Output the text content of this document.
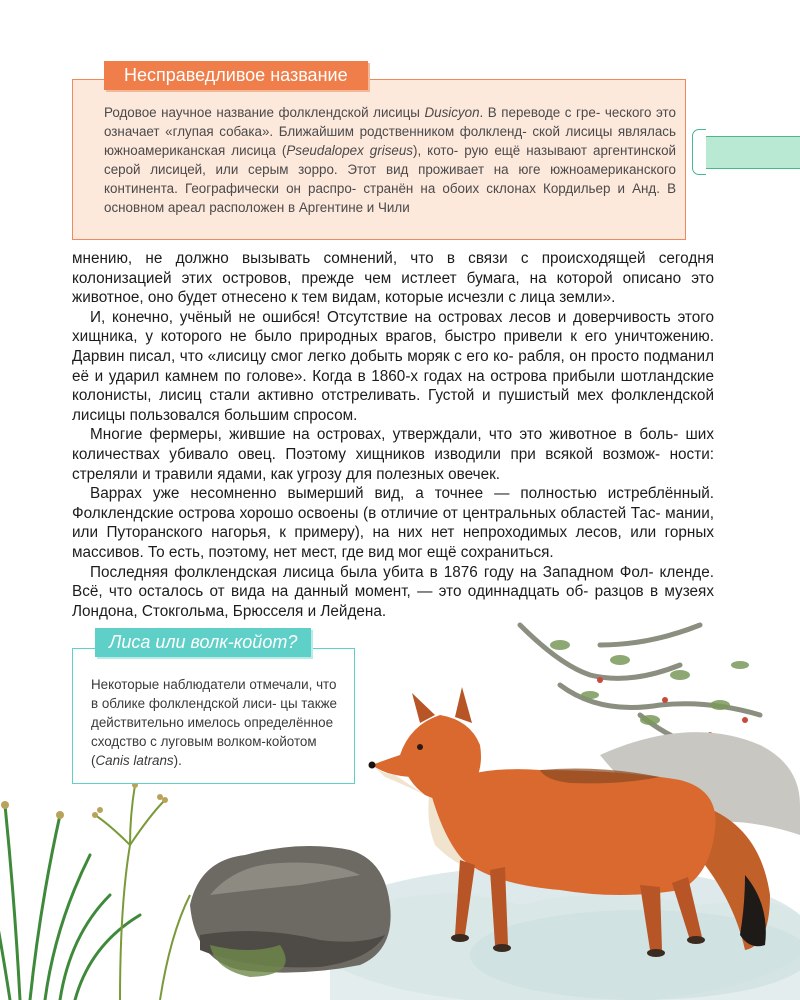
Несправедливое название
Родовое научное название фолклендской лисицы Dusicyon. В переводе с гре- ческого это означает «глупая собака». Ближайшим родственником фолкленд- ской лисицы являлась южноамериканская лисица (Pseudalopex griseus), кото- рую ещё называют аргентинской серой лисицей, или серым зорро. Этот вид проживает на юге южноамериканского континента. Географически он распро- странён на обоих склонах Кордильер и Анд. В основном ареал расположен в Аргентине и Чили

мнению, не должно вызывать сомнений, что в связи с происходящей сегодня колонизацией этих островов, прежде чем истлеет бумага, на которой описано это животное, оно будет отнесено к тем видам, которые исчезли с лица земли».

И, конечно, учёный не ошибся! Отсутствие на островах лесов и доверчивость этого хищника, у которого не было природных врагов, быстро привели к его уничтожению. Дарвин писал, что «лисицу смог легко добыть моряк с его ко- рабля, он просто подманил её и ударил камнем по голове». Когда в 1860-х годах на острова прибыли шотландские колонисты, лисиц стали активно отстреливать. Густой и пушистый мех фолклендской лисицы пользовался большим спросом.

Многие фермеры, жившие на островах, утверждали, что это животное в боль- ших количествах убивало овец. Поэтому хищников изводили при всякой возмож- ности: стреляли и травили ядами, как угрозу для полезных овечек.

Варрах уже несомненно вымерший вид, а точнее — полностью истреблённый. Фолклендские острова хорошо освоены (в отличие от центральных областей Тас- мании, или Путоранского нагорья, к примеру), на них нет непроходимых лесов, или горных массивов. То есть, поэтому, нет мест, где вид мог ещё сохраниться.

Последняя фолклендская лисица была убита в 1876 году на Западном Фол- кленде. Всё, что осталось от вида на данный момент, — это одиннадцать об- разцов в музеях Лондона, Стокгольма, Брюсселя и Лейдена.

Лиса или волк-койот?
Некоторые наблюдатели отмечали, что в облике фолклендской лиси- цы также действительно имелось определённое сходство с луговым волком-койотом (Canis latrans).
